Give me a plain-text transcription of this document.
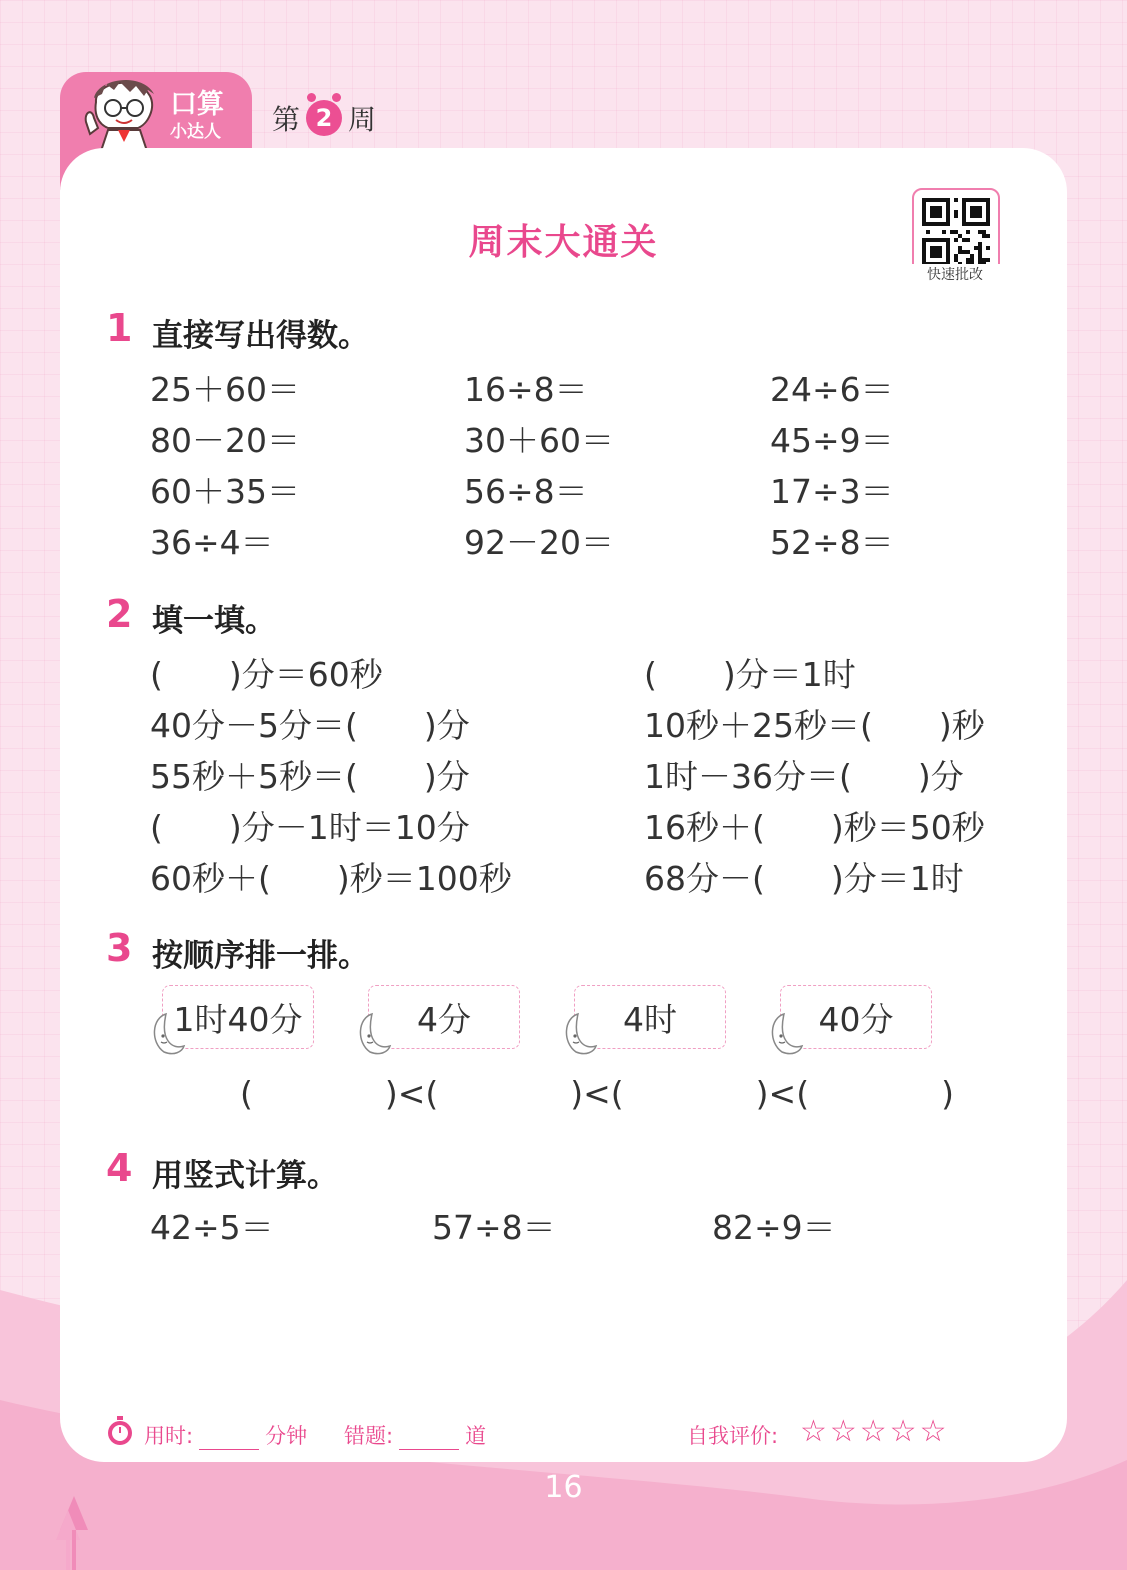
口算
小达人 第 2 周
周末大通关
快速批改
1 直接写出得数。
25＋60＝	16÷8＝	24÷6＝
80－20＝	30＋60＝	45÷9＝
60＋35＝	56÷8＝	17÷3＝
36÷4＝	92－20＝	52÷8＝
2 填一填。
(　　)分＝60秒	(　　)分＝1时
40分－5分＝(　　)分	10秒＋25秒＝(　　)秒
55秒＋5秒＝(　　)分	1时－36分＝(　　)分
(　　)分－1时＝10分	16秒＋(　　)秒＝50秒
60秒＋(　　)秒＝100秒	68分－(　　)分＝1时
3 按顺序排一排。
1时40分	4分	4时	40分
(　　　　)<(　　　　)<(　　　　)<(　　　　)
4 用竖式计算。
42÷5＝	57÷8＝	82÷9＝
用时:	分钟 错题:	道	自我评价: ☆☆☆☆☆
16
